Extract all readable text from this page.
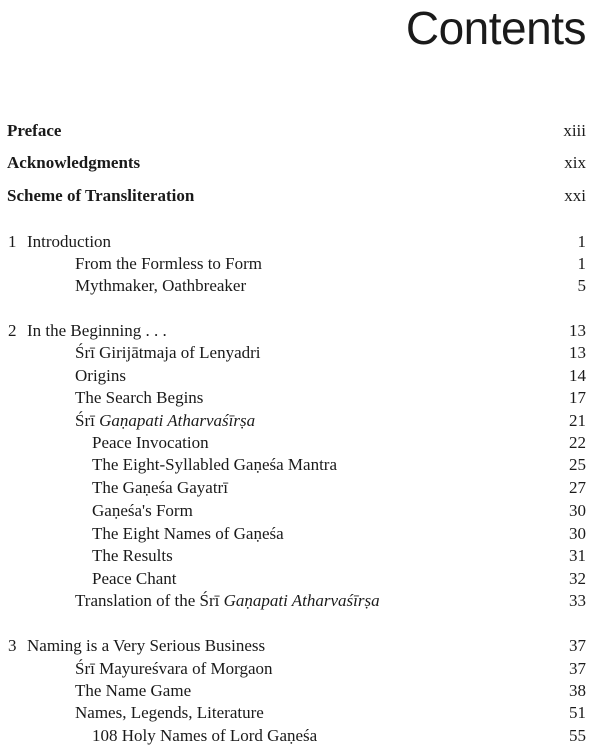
Contents
Preface	xiii
Acknowledgments	xix
Scheme of Transliteration	xxi
1 Introduction	1
From the Formless to Form	1
Mythmaker, Oathbreaker	5
2 In the Beginning . . .	13
Śrī Girijātmaja of Lenyadri	13
Origins	14
The Search Begins	17
Śrī Gaṇapati Atharvaśīrṣa	21
Peace Invocation	22
The Eight-Syllabled Gaṇeśa Mantra	25
The Gaṇeśa Gayatrī	27
Gaṇeśa's Form	30
The Eight Names of Gaṇeśa	30
The Results	31
Peace Chant	32
Translation of the Śrī Gaṇapati Atharvaśīrṣa	33
3 Naming is a Very Serious Business	37
Śrī Mayureśvara of Morgaon	37
The Name Game	38
Names, Legends, Literature	51
108 Holy Names of Lord Gaṇeśa	55
